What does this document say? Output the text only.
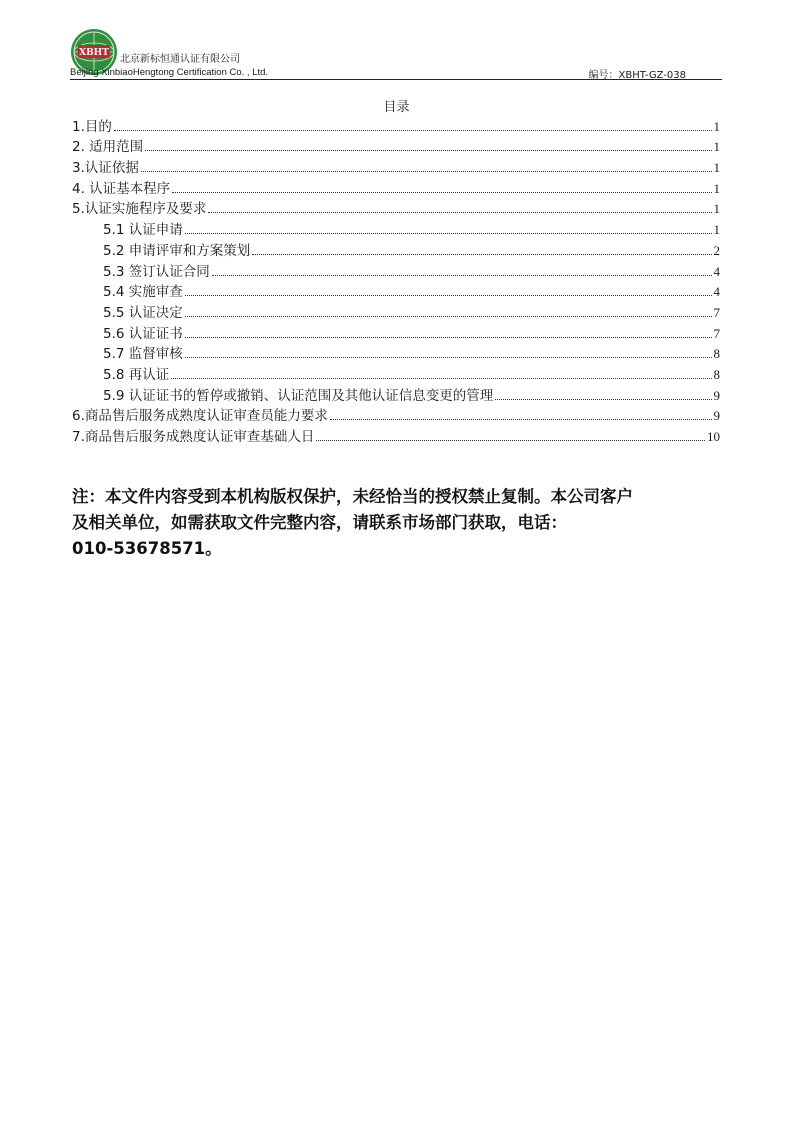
XBHT
北京新标恒通认证有限公司
Beijing XinbiaoHengtong Certification Co. , Ltd.	编号：XBHT-GZ-038
目录
1.目的	1
2. 适用范围	1
3.认证依据	1
4. 认证基本程序	1
5.认证实施程序及要求	1
5.1 认证申请	1
5.2 申请评审和方案策划	2
5.3 签订认证合同	4
5.4 实施审查	4
5.5 认证决定	7
5.6 认证证书	7
5.7 监督审核	8
5.8 再认证	8
5.9 认证证书的暂停或撤销、认证范围及其他认证信息变更的管理	9
6.商品售后服务成熟度认证审查员能力要求	9
7.商品售后服务成熟度认证审查基础人日	10
注：本文件内容受到本机构版权保护，未经恰当的授权禁止复制。本公司客户
及相关单位，如需获取文件完整内容，请联系市场部门获取，电话：
010-53678571。
